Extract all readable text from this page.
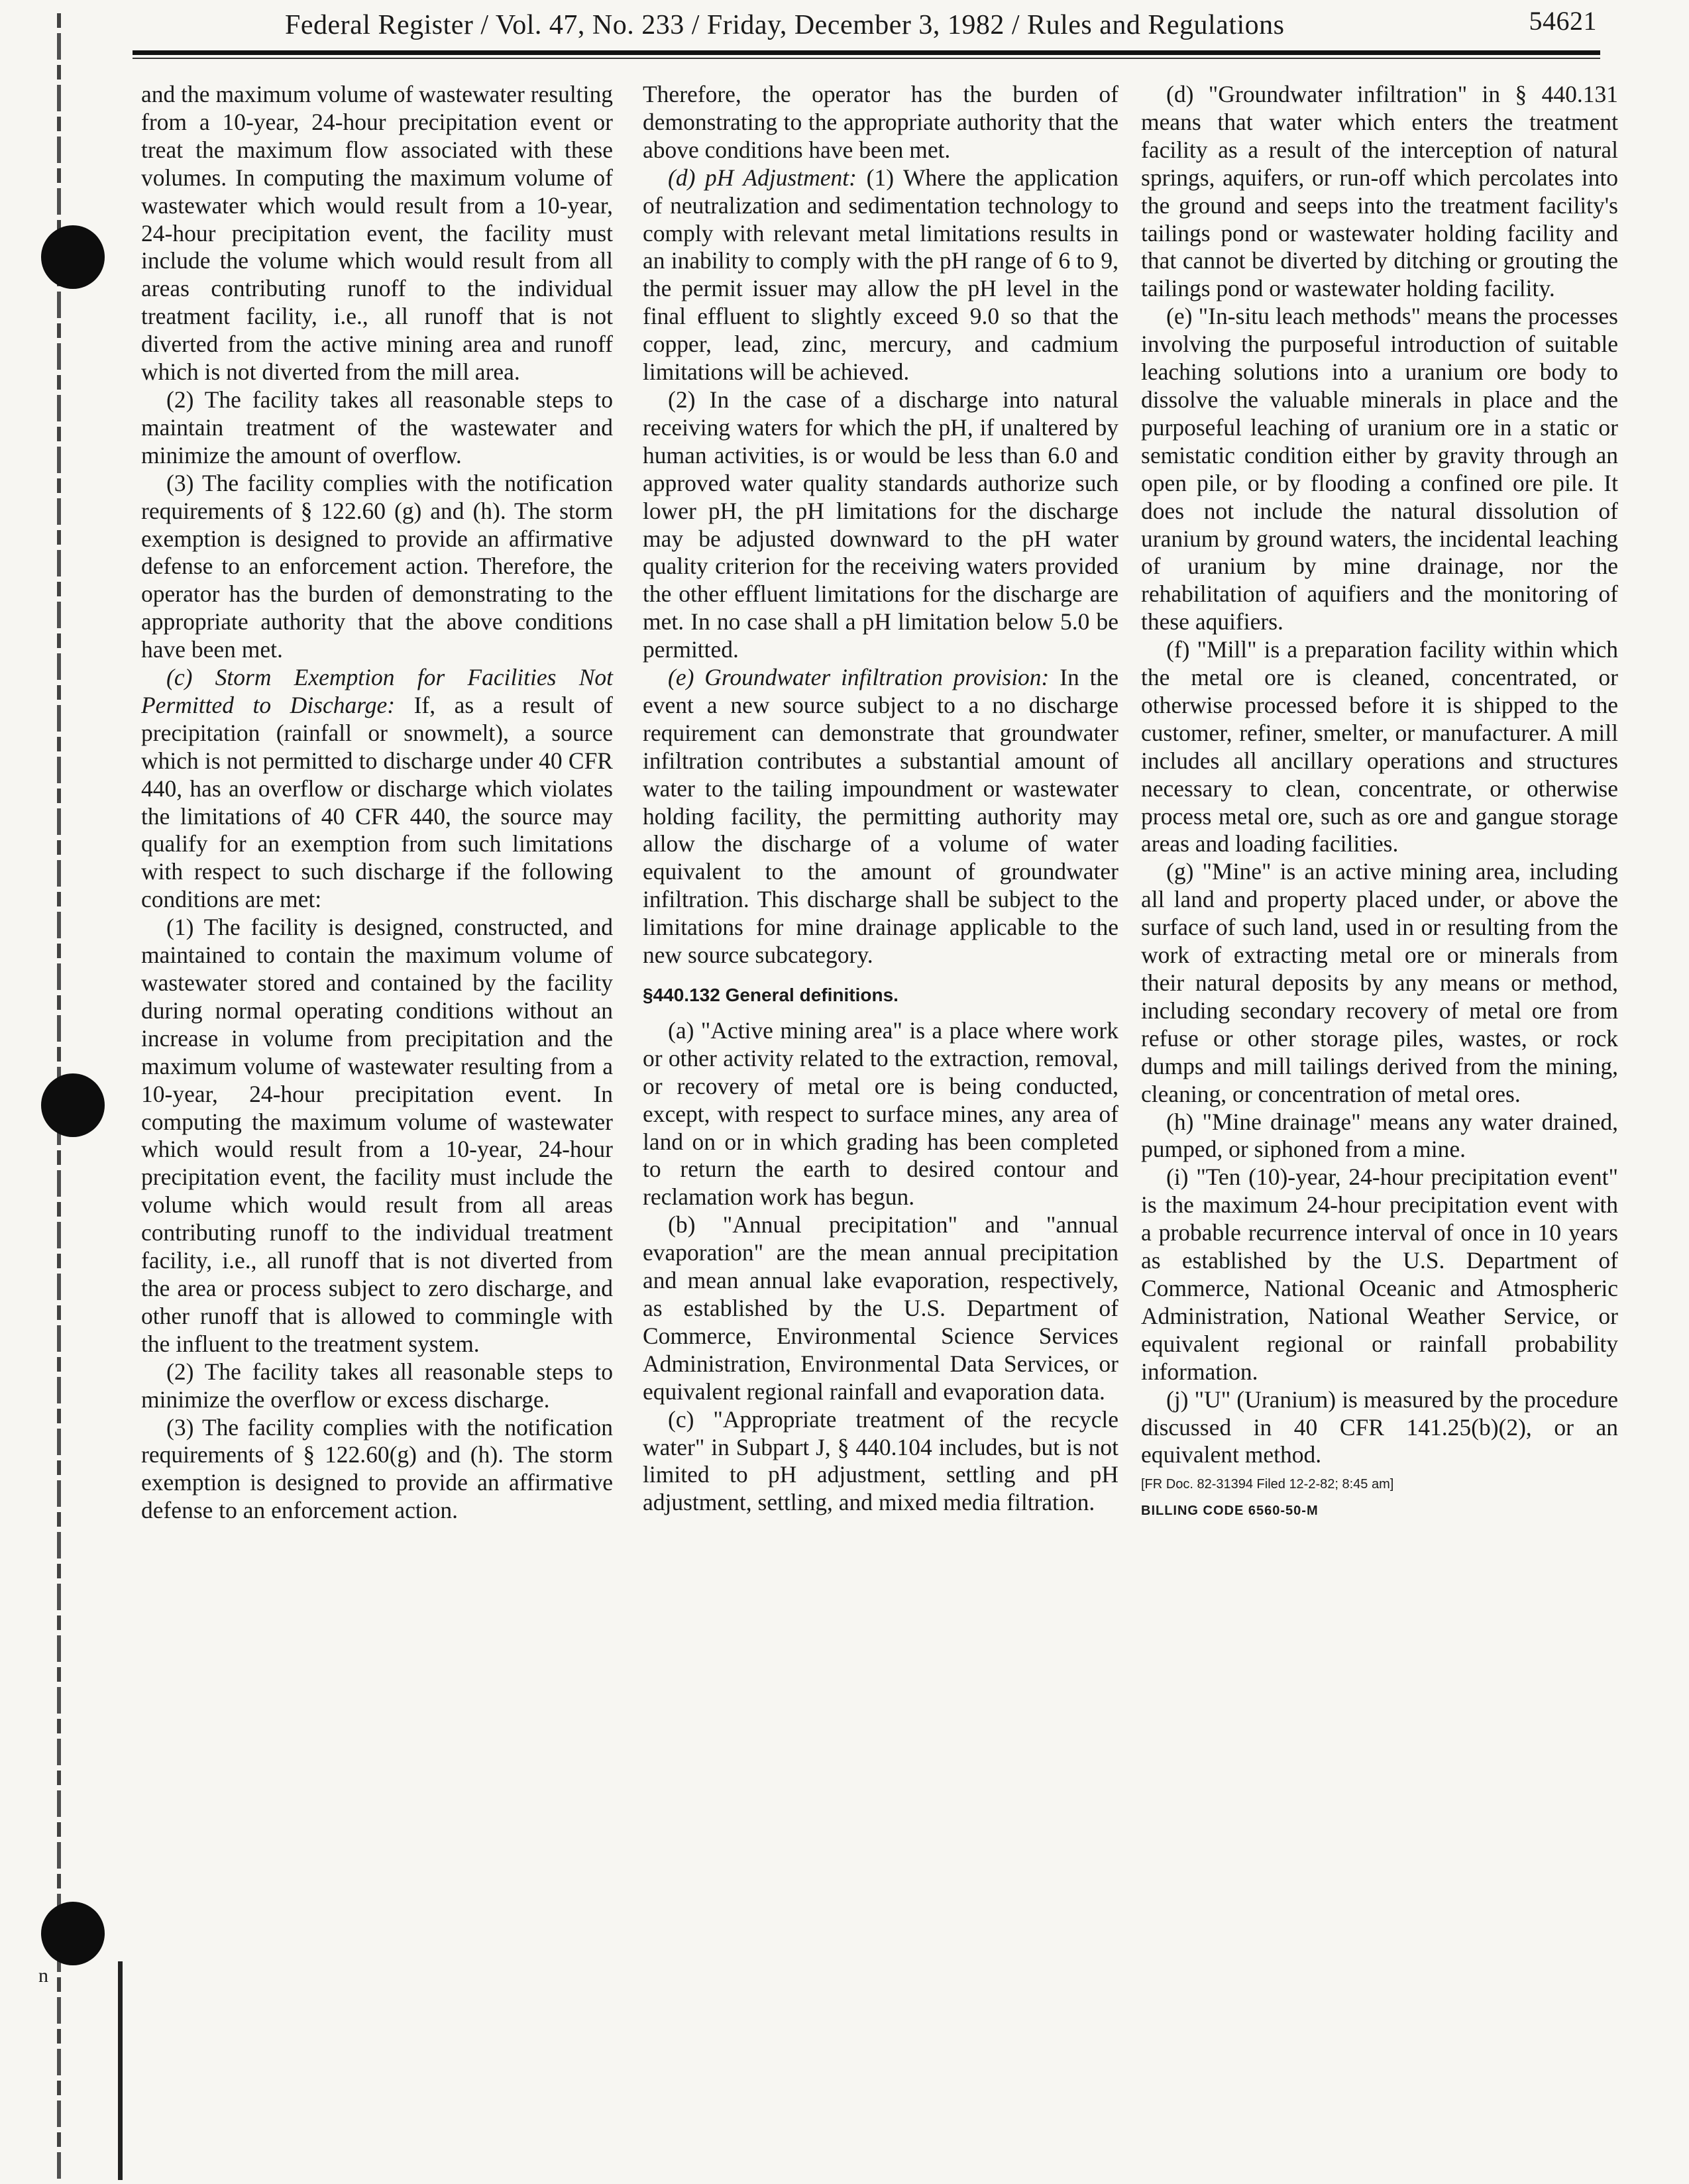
n
Federal Register / Vol. 47, No. 233 / Friday, December 3, 1982 / Rules and Regulations	54621

and the maximum volume of wastewater resulting from a 10-year, 24-hour precipitation event or treat the maximum flow associated with these volumes. In computing the maximum volume of wastewater which would result from a 10-year, 24-hour precipitation event, the facility must include the volume which would result from all areas contributing runoff to the individual treatment facility, i.e., all runoff that is not diverted from the active mining area and runoff which is not diverted from the mill area.

(2) The facility takes all reasonable steps to maintain treatment of the wastewater and minimize the amount of overflow.

(3) The facility complies with the notification requirements of § 122.60 (g) and (h). The storm exemption is designed to provide an affirmative defense to an enforcement action. Therefore, the operator has the burden of demonstrating to the appropriate authority that the above conditions have been met.

(c) Storm Exemption for Facilities Not Permitted to Discharge: If, as a result of precipitation (rainfall or snowmelt), a source which is not permitted to discharge under 40 CFR 440, has an overflow or discharge which violates the limitations of 40 CFR 440, the source may qualify for an exemption from such limitations with respect to such discharge if the following conditions are met:

(1) The facility is designed, constructed, and maintained to contain the maximum volume of wastewater stored and contained by the facility during normal operating conditions without an increase in volume from precipitation and the maximum volume of wastewater resulting from a 10-year, 24-hour precipitation event. In computing the maximum volume of wastewater which would result from a 10-year, 24-hour precipitation event, the facility must include the volume which would result from all areas contributing runoff to the individual treatment facility, i.e., all runoff that is not diverted from the area or process subject to zero discharge, and other runoff that is allowed to commingle with the influent to the treatment system.

(2) The facility takes all reasonable steps to minimize the overflow or excess discharge.

(3) The facility complies with the notification requirements of § 122.60(g) and (h). The storm exemption is designed to provide an affirmative defense to an enforcement action.

Therefore, the operator has the burden of demonstrating to the appropriate authority that the above conditions have been met.

(d) pH Adjustment: (1) Where the application of neutralization and sedimentation technology to comply with relevant metal limitations results in an inability to comply with the pH range of 6 to 9, the permit issuer may allow the pH level in the final effluent to slightly exceed 9.0 so that the copper, lead, zinc, mercury, and cadmium limitations will be achieved.

(2) In the case of a discharge into natural receiving waters for which the pH, if unaltered by human activities, is or would be less than 6.0 and approved water quality standards authorize such lower pH, the pH limitations for the discharge may be adjusted downward to the pH water quality criterion for the receiving waters provided the other effluent limitations for the discharge are met. In no case shall a pH limitation below 5.0 be permitted.

(e) Groundwater infiltration provision: In the event a new source subject to a no discharge requirement can demonstrate that groundwater infiltration contributes a substantial amount of water to the tailing impoundment or wastewater holding facility, the permitting authority may allow the discharge of a volume of water equivalent to the amount of groundwater infiltration. This discharge shall be subject to the limitations for mine drainage applicable to the new source subcategory.

§440.132 General definitions.

(a) "Active mining area" is a place where work or other activity related to the extraction, removal, or recovery of metal ore is being conducted, except, with respect to surface mines, any area of land on or in which grading has been completed to return the earth to desired contour and reclamation work has begun.

(b) "Annual precipitation" and "annual evaporation" are the mean annual precipitation and mean annual lake evaporation, respectively, as established by the U.S. Department of Commerce, Environmental Science Services Administration, Environmental Data Services, or equivalent regional rainfall and evaporation data.

(c) "Appropriate treatment of the recycle water" in Subpart J, § 440.104 includes, but is not limited to pH adjustment, settling and pH adjustment, settling, and mixed media filtration.

(d) "Groundwater infiltration" in § 440.131 means that water which enters the treatment facility as a result of the interception of natural springs, aquifers, or run-off which percolates into the ground and seeps into the treatment facility's tailings pond or wastewater holding facility and that cannot be diverted by ditching or grouting the tailings pond or wastewater holding facility.

(e) "In-situ leach methods" means the processes involving the purposeful introduction of suitable leaching solutions into a uranium ore body to dissolve the valuable minerals in place and the purposeful leaching of uranium ore in a static or semistatic condition either by gravity through an open pile, or by flooding a confined ore pile. It does not include the natural dissolution of uranium by ground waters, the incidental leaching of uranium by mine drainage, nor the rehabilitation of aquifiers and the monitoring of these aquifiers.

(f) "Mill" is a preparation facility within which the metal ore is cleaned, concentrated, or otherwise processed before it is shipped to the customer, refiner, smelter, or manufacturer. A mill includes all ancillary operations and structures necessary to clean, concentrate, or otherwise process metal ore, such as ore and gangue storage areas and loading facilities.

(g) "Mine" is an active mining area, including all land and property placed under, or above the surface of such land, used in or resulting from the work of extracting metal ore or minerals from their natural deposits by any means or method, including secondary recovery of metal ore from refuse or other storage piles, wastes, or rock dumps and mill tailings derived from the mining, cleaning, or concentration of metal ores.

(h) "Mine drainage" means any water drained, pumped, or siphoned from a mine.

(i) "Ten (10)-year, 24-hour precipitation event" is the maximum 24-hour precipitation event with a probable recurrence interval of once in 10 years as established by the U.S. Department of Commerce, National Oceanic and Atmospheric Administration, National Weather Service, or equivalent regional or rainfall probability information.

(j) "U" (Uranium) is measured by the procedure discussed in 40 CFR 141.25(b)(2), or an equivalent method.

[FR Doc. 82-31394 Filed 12-2-82; 8:45 am]

BILLING CODE 6560-50-M
